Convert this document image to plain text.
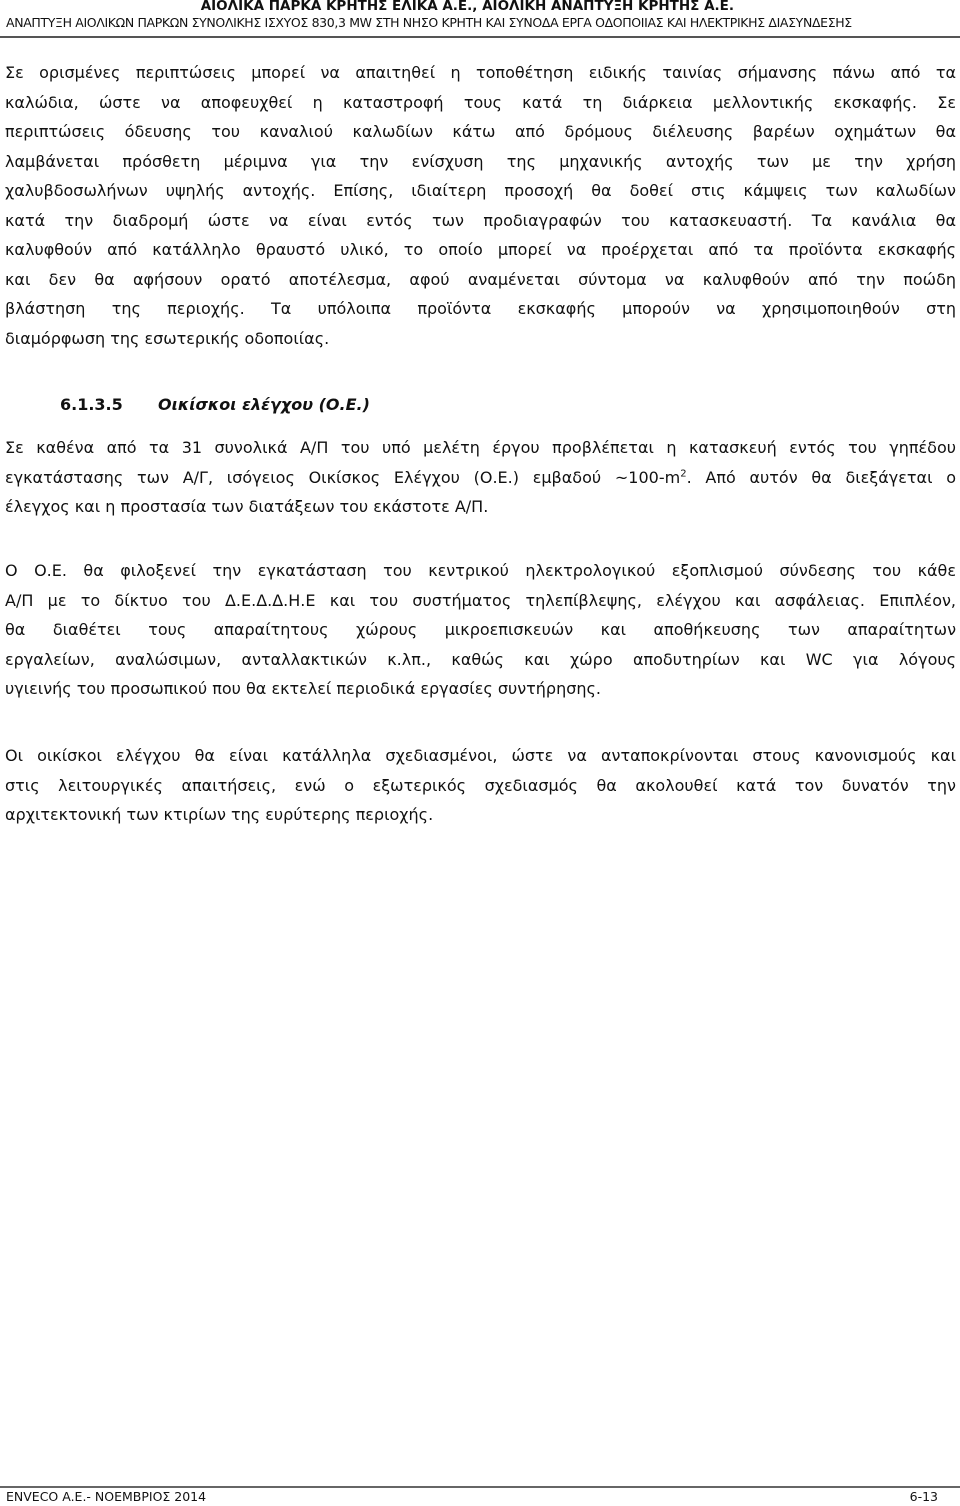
ΑΙΟΛΙΚΑ ΠΑΡΚΑ ΚΡΗΤΗΣ ΕΛΙΚΑ Α.Ε., ΑΙΟΛΙΚΗ ΑΝΑΠΤΥΞΗ ΚΡΗΤΗΣ Α.Ε.
ΑΝΑΠΤΥΞΗ ΑΙΟΛΙΚΩΝ ΠΑΡΚΩΝ ΣΥΝΟΛΙΚΗΣ ΙΣΧΥΟΣ 830,3 MW ΣΤΗ ΝΗΣΟ ΚΡΗΤΗ ΚΑΙ ΣΥΝΟΔΑ ΕΡΓΑ ΟΔΟΠΟΙΙΑΣ ΚΑΙ ΗΛΕΚΤΡΙΚΗΣ ΔΙΑΣΥΝΔΕΣΗΣ
Σε ορισμένες περιπτώσεις μπορεί να απαιτηθεί η τοποθέτηση ειδικής ταινίας σήμανσης πάνω από τα
καλώδια, ώστε να αποφευχθεί η καταστροφή τους κατά τη διάρκεια μελλοντικής εκσκαφής. Σε
περιπτώσεις όδευσης του καναλιού καλωδίων κάτω από δρόμους διέλευσης βαρέων οχημάτων θα
λαμβάνεται πρόσθετη μέριμνα για την ενίσχυση της μηχανικής αντοχής των με την χρήση
χαλυβδοσωλήνων υψηλής αντοχής. Επίσης, ιδιαίτερη προσοχή θα δοθεί στις κάμψεις των καλωδίων
κατά την διαδρομή ώστε να είναι εντός των προδιαγραφών του κατασκευαστή. Τα κανάλια θα
καλυφθούν από κατάλληλο θραυστό υλικό, το οποίο μπορεί να προέρχεται από τα προϊόντα εκσκαφής
και δεν θα αφήσουν ορατό αποτέλεσμα, αφού αναμένεται σύντομα να καλυφθούν από την ποώδη
βλάστηση της περιοχής. Τα υπόλοιπα προϊόντα εκσκαφής μπορούν να χρησιμοποιηθούν στη
διαμόρφωση της εσωτερικής οδοποιίας.
6.1.3.5 Οικίσκοι ελέγχου (Ο.Ε.)
Σε καθένα από τα 31 συνολικά Α/Π του υπό μελέτη έργου προβλέπεται η κατασκευή εντός του γηπέδου
εγκατάστασης των Α/Γ, ισόγειος Οικίσκος Ελέγχου (Ο.Ε.) εμβαδού $\sim 100-m^2$. Από αυτόν θα διεξάγεται ο
έλεγχος και η προστασία των διατάξεων του εκάστοτε Α/Π.
Ο Ο.Ε. θα φιλοξενεί την εγκατάσταση του κεντρικού ηλεκτρολογικού εξοπλισμού σύνδεσης του κάθε
Α/Π με το δίκτυο του Δ.Ε.Δ.Δ.Η.Ε και του συστήματος τηλεπίβλεψης, ελέγχου και ασφάλειας. Επιπλέον,
θα διαθέτει τους απαραίτητους χώρους μικροεπισκευών και αποθήκευσης των απαραίτητων
εργαλείων, αναλώσιμων, ανταλλακτικών κ.λπ., καθώς και χώρο αποδυτηρίων και WC για λόγους
υγιεινής του προσωπικού που θα εκτελεί περιοδικά εργασίες συντήρησης.
Οι οικίσκοι ελέγχου θα είναι κατάλληλα σχεδιασμένοι, ώστε να ανταποκρίνονται στους κανονισμούς και
στις λειτουργικές απαιτήσεις, ενώ ο εξωτερικός σχεδιασμός θα ακολουθεί κατά τον δυνατόν την
αρχιτεκτονική των κτιρίων της ευρύτερης περιοχής.
ENVECO A.E.- ΝΟΕΜΒΡΙΟΣ 2014	6-13
